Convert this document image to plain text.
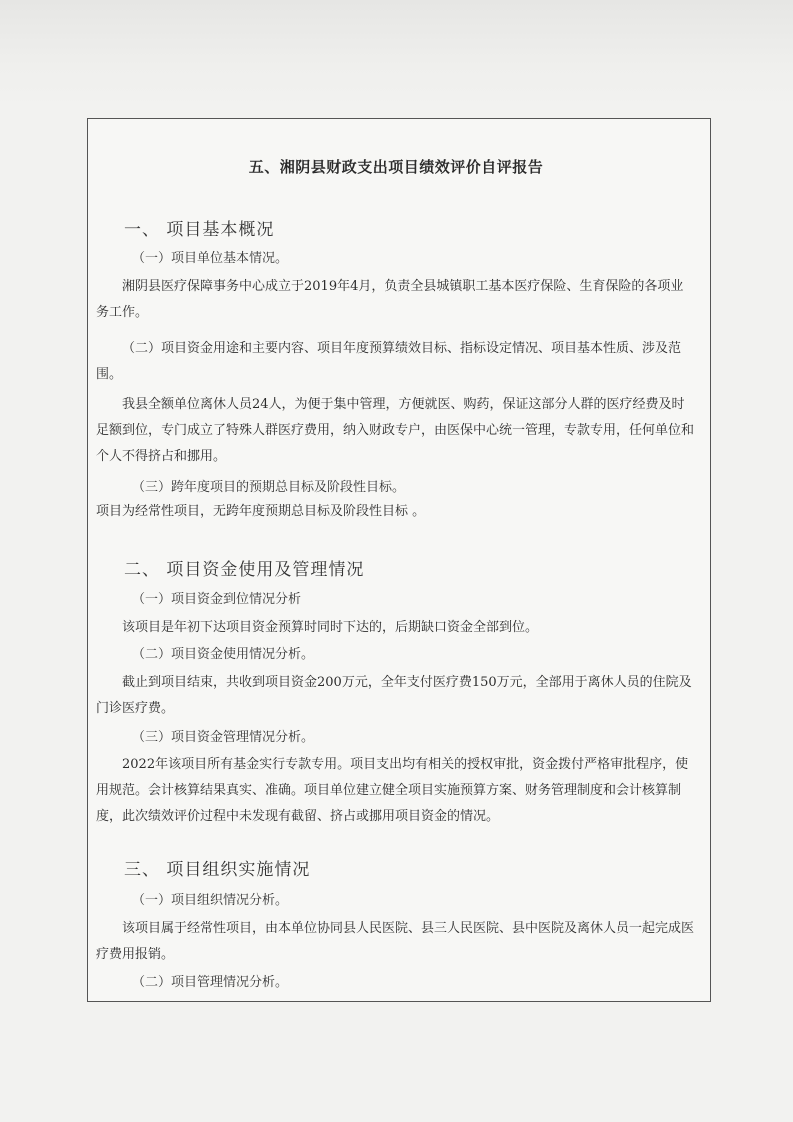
五、湘阴县财政支出项目绩效评价自评报告
一、 项目基本概况
（一）项目单位基本情况。

湘阴县医疗保障事务中心成立于2019年4月，负责全县城镇职工基本医疗保险、生育保险的各项业务工作。

（二）项目资金用途和主要内容、项目年度预算绩效目标、指标设定情况、项目基本性质、涉及范围。

我县全额单位离休人员24人，为便于集中管理，方便就医、购药，保证这部分人群的医疗经费及时足额到位，专门成立了特殊人群医疗费用，纳入财政专户，由医保中心统一管理，专款专用，任何单位和个人不得挤占和挪用。

（三）跨年度项目的预期总目标及阶段性目标。

项目为经常性项目，无跨年度预期总目标及阶段性目标 。

二、 项目资金使用及管理情况
（一）项目资金到位情况分析

该项目是年初下达项目资金预算时同时下达的，后期缺口资金全部到位。

（二）项目资金使用情况分析。

截止到项目结束，共收到项目资金200万元，全年支付医疗费150万元，全部用于离休人员的住院及门诊医疗费。

（三）项目资金管理情况分析。

2022年该项目所有基金实行专款专用。项目支出均有相关的授权审批，资金拨付严格审批程序，使用规范。会计核算结果真实、准确。项目单位建立健全项目实施预算方案、财务管理制度和会计核算制度，此次绩效评价过程中未发现有截留、挤占或挪用项目资金的情况。

三、 项目组织实施情况
（一）项目组织情况分析。

该项目属于经常性项目，由本单位协同县人民医院、县三人民医院、县中医院及离休人员一起完成医疗费用报销。

（二）项目管理情况分析。
